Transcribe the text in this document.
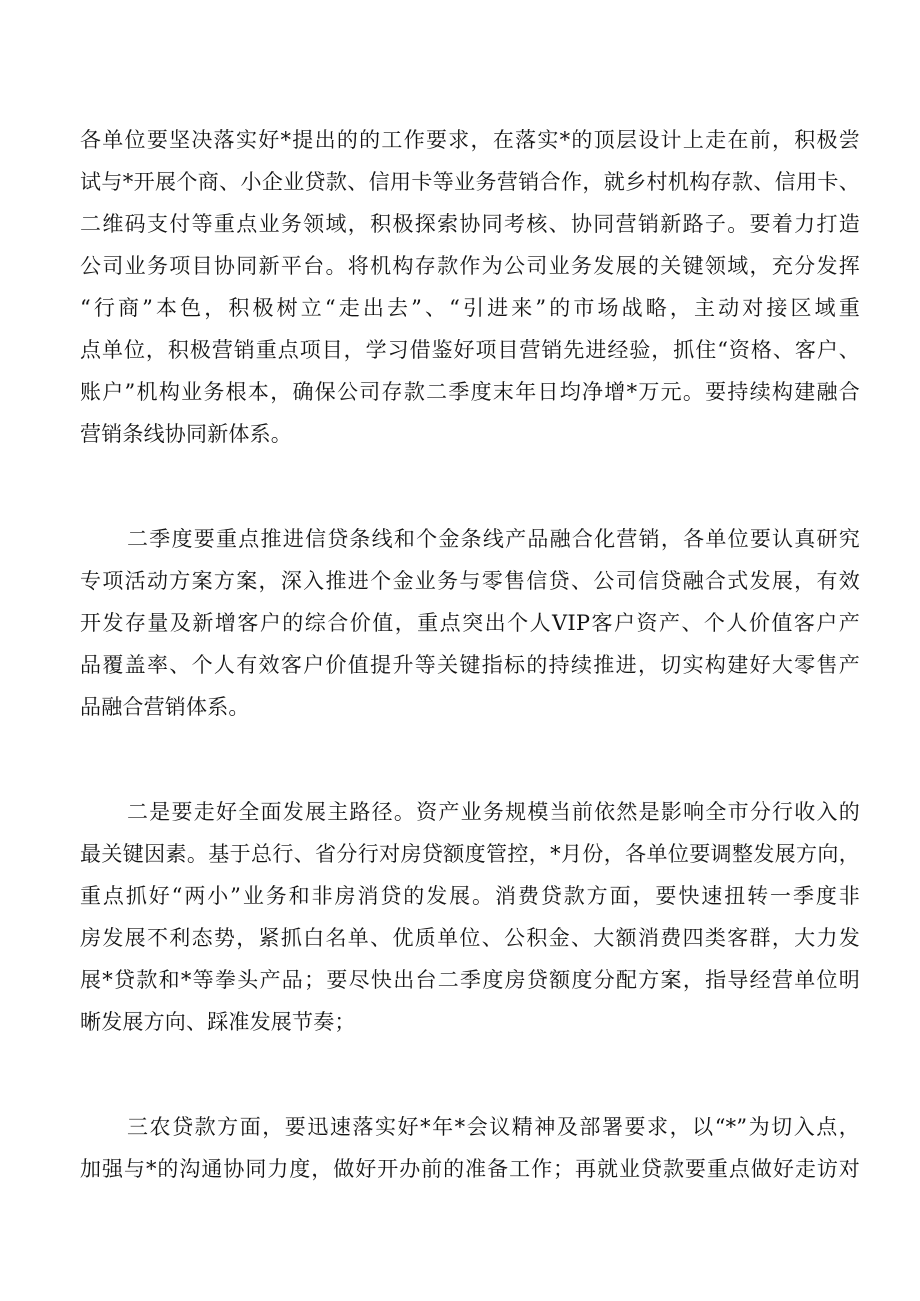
各单位要坚决落实好*提出的的工作要求，在落实*的顶层设计上走在前，积极尝
试与*开展个商、小企业贷款、信用卡等业务营销合作，就乡村机构存款、信用卡、
二维码支付等重点业务领域，积极探索协同考核、协同营销新路子。要着力打造
公司业务项目协同新平台。将机构存款作为公司业务发展的关键领域，充分发挥
“行商”本色，积极树立“走出去”、“引进来”的市场战略，主动对接区域重
点单位，积极营销重点项目，学习借鉴好项目营销先进经验，抓住“资格、客户、
账户”机构业务根本，确保公司存款二季度末年日均净增*万元。要持续构建融合
营销条线协同新体系。
二季度要重点推进信贷条线和个金条线产品融合化营销，各单位要认真研究
专项活动方案方案，深入推进个金业务与零售信贷、公司信贷融合式发展，有效
开发存量及新增客户的综合价值，重点突出个人VIP客户资产、个人价值客户产
品覆盖率、个人有效客户价值提升等关键指标的持续推进，切实构建好大零售产
品融合营销体系。
二是要走好全面发展主路径。资产业务规模当前依然是影响全市分行收入的
最关键因素。基于总行、省分行对房贷额度管控，*月份，各单位要调整发展方向，
重点抓好“两小”业务和非房消贷的发展。消费贷款方面，要快速扭转一季度非
房发展不利态势，紧抓白名单、优质单位、公积金、大额消费四类客群，大力发
展*贷款和*等拳头产品；要尽快出台二季度房贷额度分配方案，指导经营单位明
晰发展方向、踩准发展节奏；
三农贷款方面，要迅速落实好*年*会议精神及部署要求，以“*”为切入点，
加强与*的沟通协同力度，做好开办前的准备工作；再就业贷款要重点做好走访对
